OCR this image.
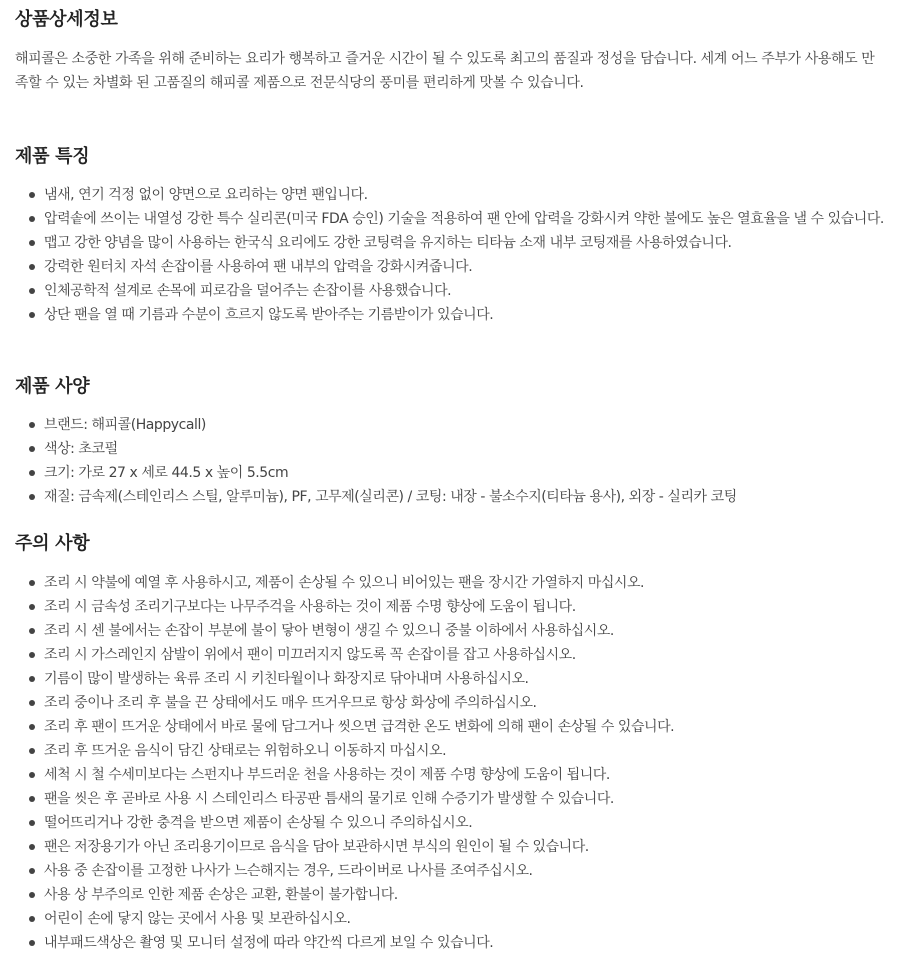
상품상세정보

해피콜은 소중한 가족을 위해 준비하는 요리가 행복하고 즐거운 시간이 될 수 있도록 최고의 품질과 정성을 담습니다. 세계 어느 주부가 사용해도 만족할 수 있는 차별화 된 고품질의 해피콜 제품으로 전문식당의 풍미를 편리하게 맛볼 수 있습니다.

제품 특징
냄새, 연기 걱정 없이 양면으로 요리하는 양면 팬입니다.
압력솥에 쓰이는 내열성 강한 특수 실리콘(미국 FDA 승인) 기술을 적용하여 팬 안에 압력을 강화시켜 약한 불에도 높은 열효율을 낼 수 있습니다.
맵고 강한 양념을 많이 사용하는 한국식 요리에도 강한 코팅력을 유지하는 티타늄 소재 내부 코팅재를 사용하였습니다.
강력한 원터치 자석 손잡이를 사용하여 팬 내부의 압력을 강화시켜줍니다.
인체공학적 설계로 손목에 피로감을 덜어주는 손잡이를 사용했습니다.
상단 팬을 열 때 기름과 수분이 흐르지 않도록 받아주는 기름받이가 있습니다.
제품 사양
브랜드: 해피콜(Happycall)
색상: 초코펄
크기: 가로 27 x 세로 44.5 x 높이 5.5cm
재질: 금속제(스테인리스 스틸, 알루미늄), PF, 고무제(실리콘) / 코팅: 내장 - 불소수지(티타늄 용사), 외장 - 실리카 코팅
주의 사항
조리 시 약불에 예열 후 사용하시고, 제품이 손상될 수 있으니 비어있는 팬을 장시간 가열하지 마십시오.
조리 시 금속성 조리기구보다는 나무주걱을 사용하는 것이 제품 수명 향상에 도움이 됩니다.
조리 시 센 불에서는 손잡이 부분에 불이 닿아 변형이 생길 수 있으니 중불 이하에서 사용하십시오.
조리 시 가스레인지 삼발이 위에서 팬이 미끄러지지 않도록 꼭 손잡이를 잡고 사용하십시오.
기름이 많이 발생하는 육류 조리 시 키친타월이나 화장지로 닦아내며 사용하십시오.
조리 중이나 조리 후 불을 끈 상태에서도 매우 뜨거우므로 항상 화상에 주의하십시오.
조리 후 팬이 뜨거운 상태에서 바로 물에 담그거나 씻으면 급격한 온도 변화에 의해 팬이 손상될 수 있습니다.
조리 후 뜨거운 음식이 담긴 상태로는 위험하오니 이동하지 마십시오.
세척 시 철 수세미보다는 스펀지나 부드러운 천을 사용하는 것이 제품 수명 향상에 도움이 됩니다.
팬을 씻은 후 곧바로 사용 시 스테인리스 타공판 틈새의 물기로 인해 수증기가 발생할 수 있습니다.
떨어뜨리거나 강한 충격을 받으면 제품이 손상될 수 있으니 주의하십시오.
팬은 저장용기가 아닌 조리용기이므로 음식을 담아 보관하시면 부식의 원인이 될 수 있습니다.
사용 중 손잡이를 고정한 나사가 느슨해지는 경우, 드라이버로 나사를 조여주십시오.
사용 상 부주의로 인한 제품 손상은 교환, 환불이 불가합니다.
어린이 손에 닿지 않는 곳에서 사용 및 보관하십시오.
내부패드색상은 촬영 및 모니터 설정에 따라 약간씩 다르게 보일 수 있습니다.
